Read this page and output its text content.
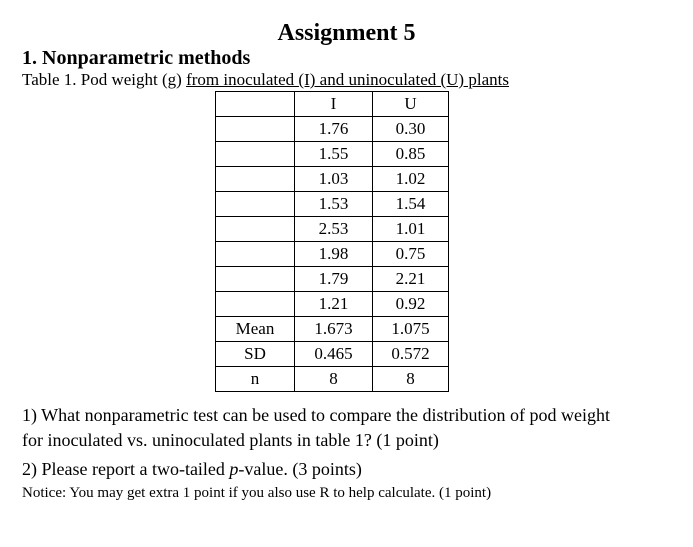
Assignment 5
1. Nonparametric methods
Table 1. Pod weight (g) from inoculated (I) and uninoculated (U) plants
	I	U
	1.76	0.30
	1.55	0.85
	1.03	1.02
	1.53	1.54
	2.53	1.01
	1.98	0.75
	1.79	2.21
	1.21	0.92
Mean	1.673	1.075
SD	0.465	0.572
n	8	8
1) What nonparametric test can be used to compare the distribution of pod weight
for inoculated vs. uninoculated plants in table 1? (1 point)
2) Please report a two-tailed p-value. (3 points)
Notice: You may get extra 1 point if you also use R to help calculate. (1 point)
